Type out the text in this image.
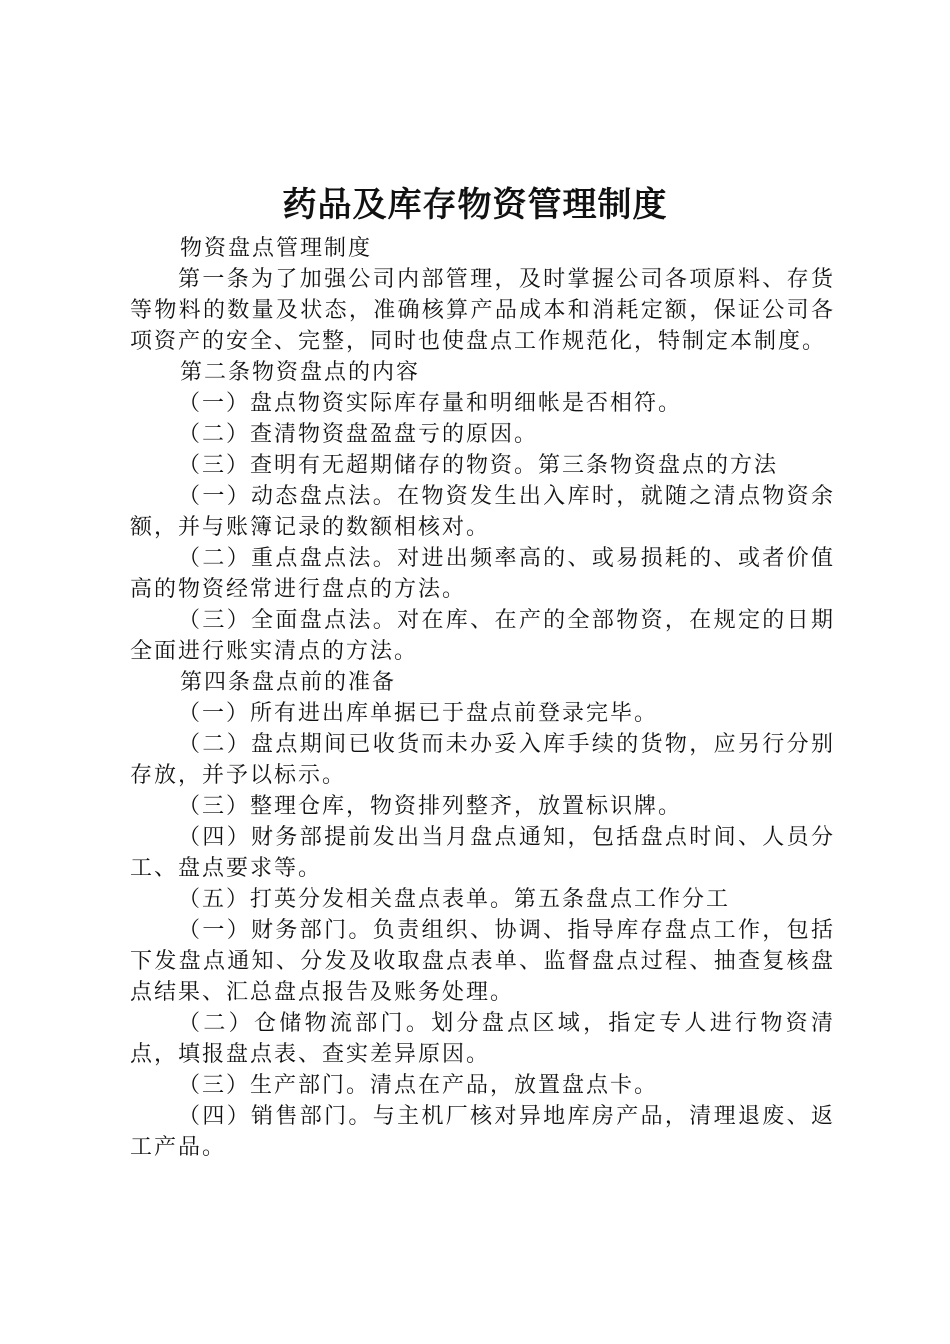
药品及库存物资管理制度

物资盘点管理制度

第一条为了加强公司内部管理，及时掌握公司各项原料、存货等物料的数量及状态，准确核算产品成本和消耗定额，保证公司各项资产的安全、完整，同时也使盘点工作规范化，特制定本制度。

第二条物资盘点的内容

（一）盘点物资实际库存量和明细帐是否相符。

（二）查清物资盘盈盘亏的原因。

（三）查明有无超期储存的物资。第三条物资盘点的方法

（一）动态盘点法。在物资发生出入库时，就随之清点物资余额，并与账簿记录的数额相核对。

（二）重点盘点法。对进出频率高的、或易损耗的、或者价值高的物资经常进行盘点的方法。

（三）全面盘点法。对在库、在产的全部物资，在规定的日期全面进行账实清点的方法。

第四条盘点前的准备

（一）所有进出库单据已于盘点前登录完毕。

（二）盘点期间已收货而未办妥入库手续的货物，应另行分别存放，并予以标示。

（三）整理仓库，物资排列整齐，放置标识牌。

（四）财务部提前发出当月盘点通知，包括盘点时间、人员分工、盘点要求等。

（五）打英分发相关盘点表单。第五条盘点工作分工

（一）财务部门。负责组织、协调、指导库存盘点工作，包括下发盘点通知、分发及收取盘点表单、监督盘点过程、抽查复核盘点结果、汇总盘点报告及账务处理。

（二）仓储物流部门。划分盘点区域，指定专人进行物资清点，填报盘点表、查实差异原因。

（三）生产部门。清点在产品，放置盘点卡。

（四）销售部门。与主机厂核对异地库房产品，清理退废、返工产品。
